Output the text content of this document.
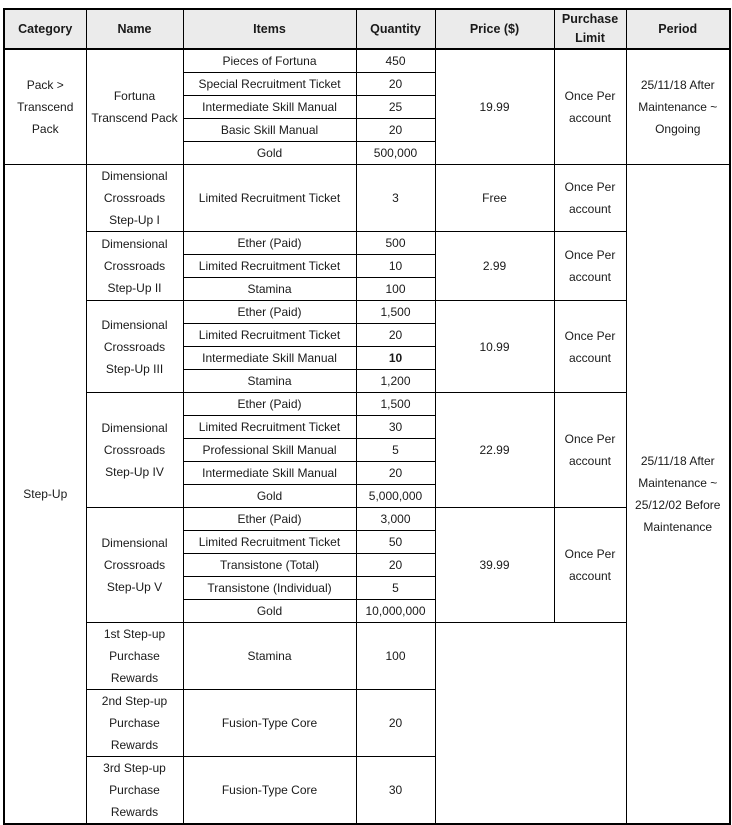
Category	Name	Items	Quantity	Price ($)	Purchase Limit	Period
Pack > Transcend Pack	Fortuna Transcend Pack	Pieces of Fortuna	450	19.99	Once Per account	25/11/18 After Maintenance ~ Ongoing
		Special Recruitment Ticket	20			
		Intermediate Skill Manual	25			
		Basic Skill Manual	20			
		Gold	500,000			
Step-Up	Dimensional Crossroads Step-Up I	Limited Recruitment Ticket	3	Free	Once Per account	25/11/18 After Maintenance ~ 25/12/02 Before Maintenance
	Dimensional Crossroads Step-Up II	Ether (Paid)	500	2.99	Once Per account	
		Limited Recruitment Ticket	10			
		Stamina	100			
	Dimensional Crossroads Step-Up III	Ether (Paid)	1,500	10.99	Once Per account	
		Limited Recruitment Ticket	20			
		Intermediate Skill Manual	10			
		Stamina	1,200			
	Dimensional Crossroads Step-Up IV	Ether (Paid)	1,500	22.99	Once Per account	
		Limited Recruitment Ticket	30			
		Professional Skill Manual	5			
		Intermediate Skill Manual	20			
		Gold	5,000,000			
	Dimensional Crossroads Step-Up V	Ether (Paid)	3,000	39.99	Once Per account	
		Limited Recruitment Ticket	50			
		Transistone (Total)	20			
		Transistone (Individual)	5			
		Gold	10,000,000			
	1st Step-up Purchase Rewards	Stamina	100			
	2nd Step-up Purchase Rewards	Fusion-Type Core	20			
	3rd Step-up Purchase Rewards	Fusion-Type Core	30			
